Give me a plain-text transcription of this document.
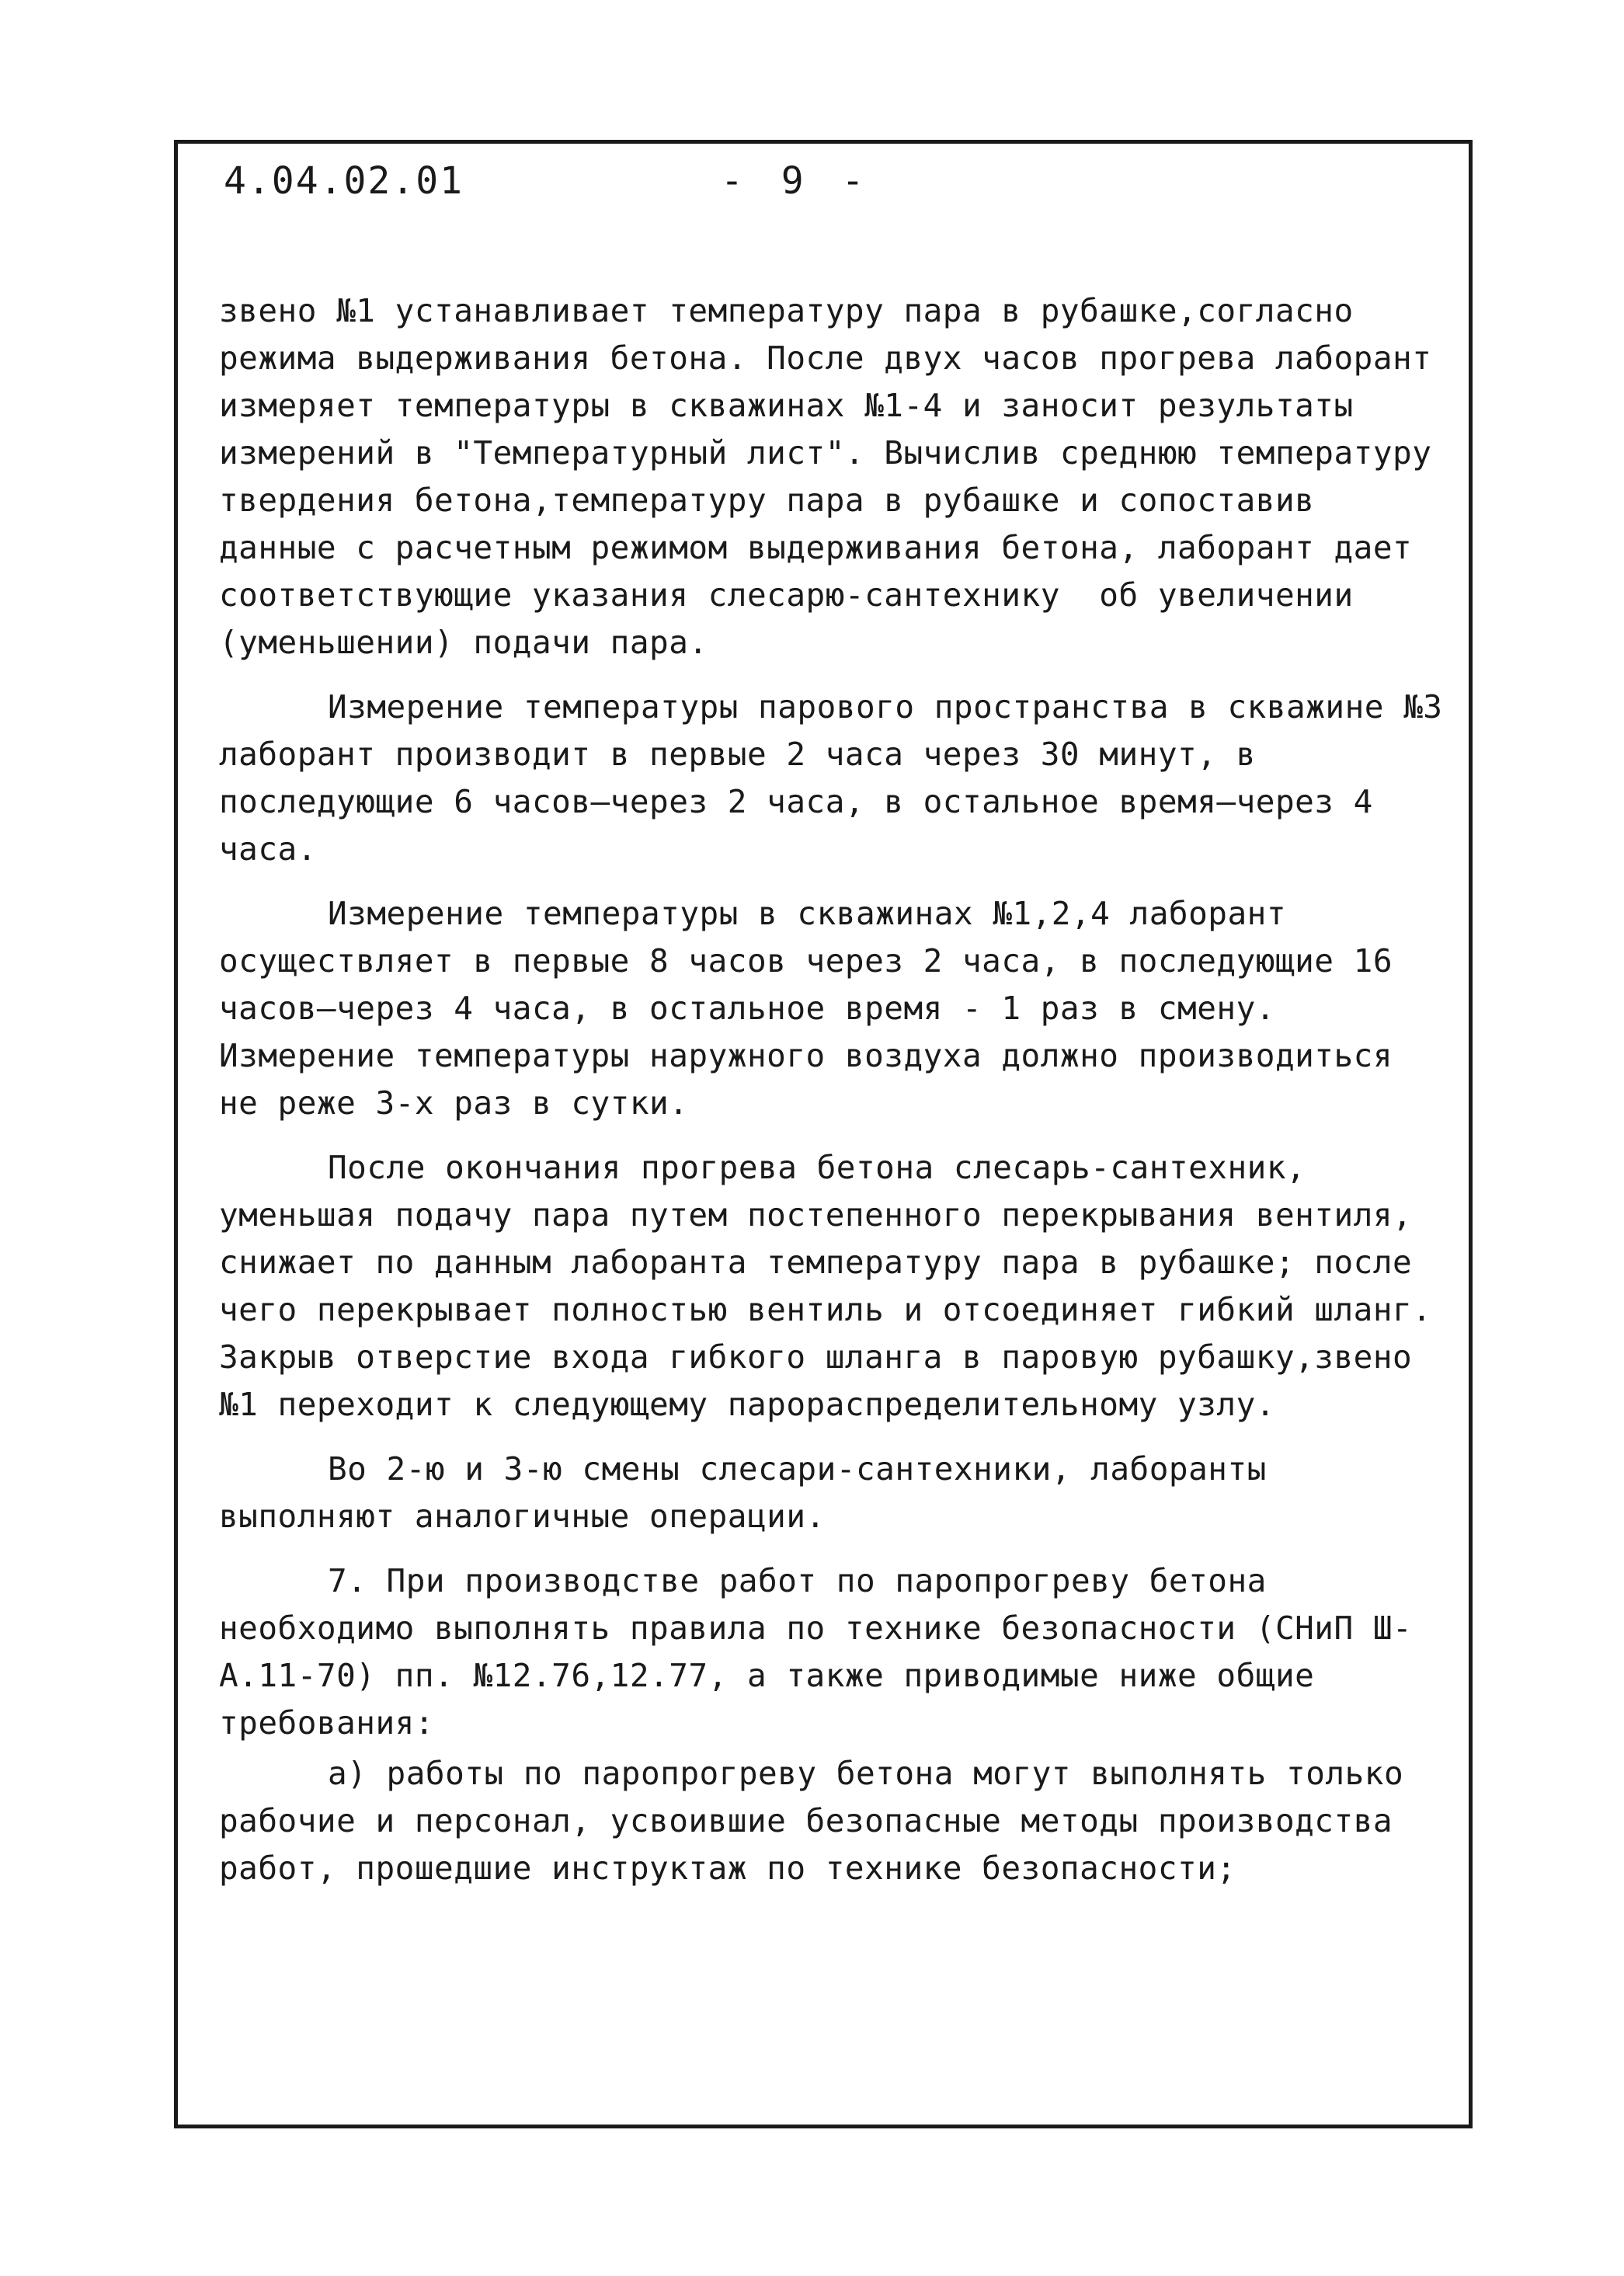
4.04.02.01	- 9 -

звено №1 устанавливает температуру пара в рубашке,согласно режима выдерживания бетона. После двух часов прогрева лаборант измеряет температуры в скважинах №1-4 и заносит результаты измерений в "Температурный лист". Вычислив среднюю температуру твердения бетона,температуру пара в рубашке и сопоставив данные с расчетным режимом выдерживания бетона, лаборант дает соответствующие указания слесарю-сантехнику  об увеличении (уменьшении) подачи пара.

Измерение температуры парового пространства в скважине №3 лаборант производит в первые 2 часа через 30 минут, в последующие 6 часов–через 2 часа, в остальное время–через 4 часа.

Измерение температуры в скважинах №1,2,4 лаборант осуществляет в первые 8 часов через 2 часа, в последующие 16 часов–через 4 часа, в остальное время - 1 раз в смену. Измерение температуры наружного воздуха должно производиться не реже 3-х раз в сутки.

После окончания прогрева бетона слесарь-сантехник, уменьшая подачу пара путем постепенного перекрывания вентиля, снижает по данным лаборанта температуру пара в рубашке; после чего перекрывает полностью вентиль и отсоединяет гибкий шланг. Закрыв отверстие входа гибкого шланга в паровую рубашку,звено №1 переходит к следующему парораспределительному узлу.

Во 2-ю и 3-ю смены слесари-сантехники, лаборанты выполняют аналогичные операции.

7. При производстве работ по паропрогреву бетона необходимо выполнять правила по технике безопасности (СНиП Ш-А.11-70) пп. №12.76,12.77, а также приводимые ниже общие  требования:

а) работы по паропрогреву бетона могут выполнять только рабочие и персонал, усвоившие безопасные методы производства работ, прошедшие инструктаж по технике безопасности;
